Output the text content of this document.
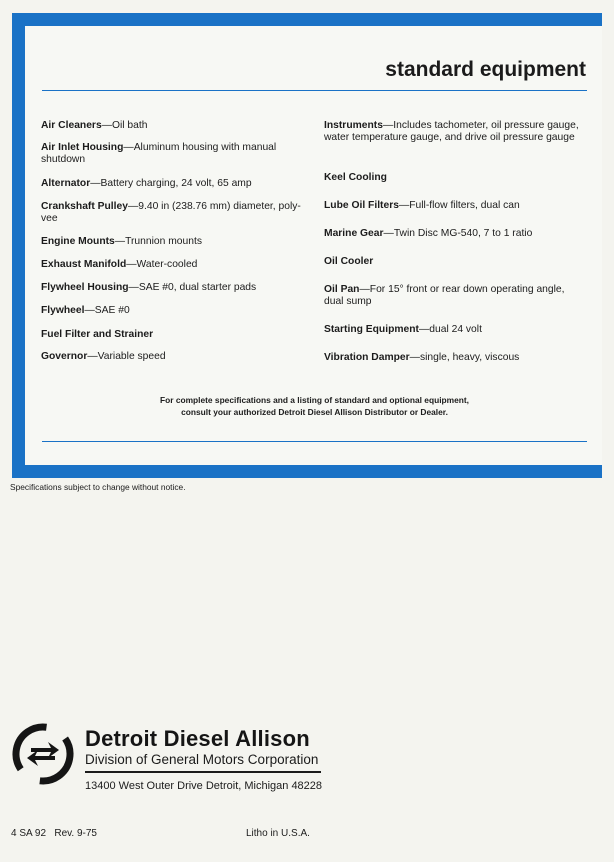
standard equipment
Air Cleaners—Oil bath
Air Inlet Housing—Aluminum housing with manual shutdown
Alternator—Battery charging, 24 volt, 65 amp
Crankshaft Pulley—9.40 in (238.76 mm) diameter, poly-vee
Engine Mounts—Trunnion mounts
Exhaust Manifold—Water-cooled
Flywheel Housing—SAE #0, dual starter pads
Flywheel—SAE #0
Fuel Filter and Strainer
Governor—Variable speed
Instruments—Includes tachometer, oil pressure gauge, water temperature gauge, and drive oil pressure gauge
Keel Cooling
Lube Oil Filters—Full-flow filters, dual can
Marine Gear—Twin Disc MG-540, 7 to 1 ratio
Oil Cooler
Oil Pan—For 15° front or rear down operating angle, dual sump
Starting Equipment—dual 24 volt
Vibration Damper—single, heavy, viscous
For complete specifications and a listing of standard and optional equipment,
consult your authorized Detroit Diesel Allison Distributor or Dealer.
Specifications subject to change without notice.
Detroit Diesel Allison
Division of General Motors Corporation
13400 West Outer Drive Detroit, Michigan 48228
4 SA 92   Rev. 9-75	Litho in U.S.A.
